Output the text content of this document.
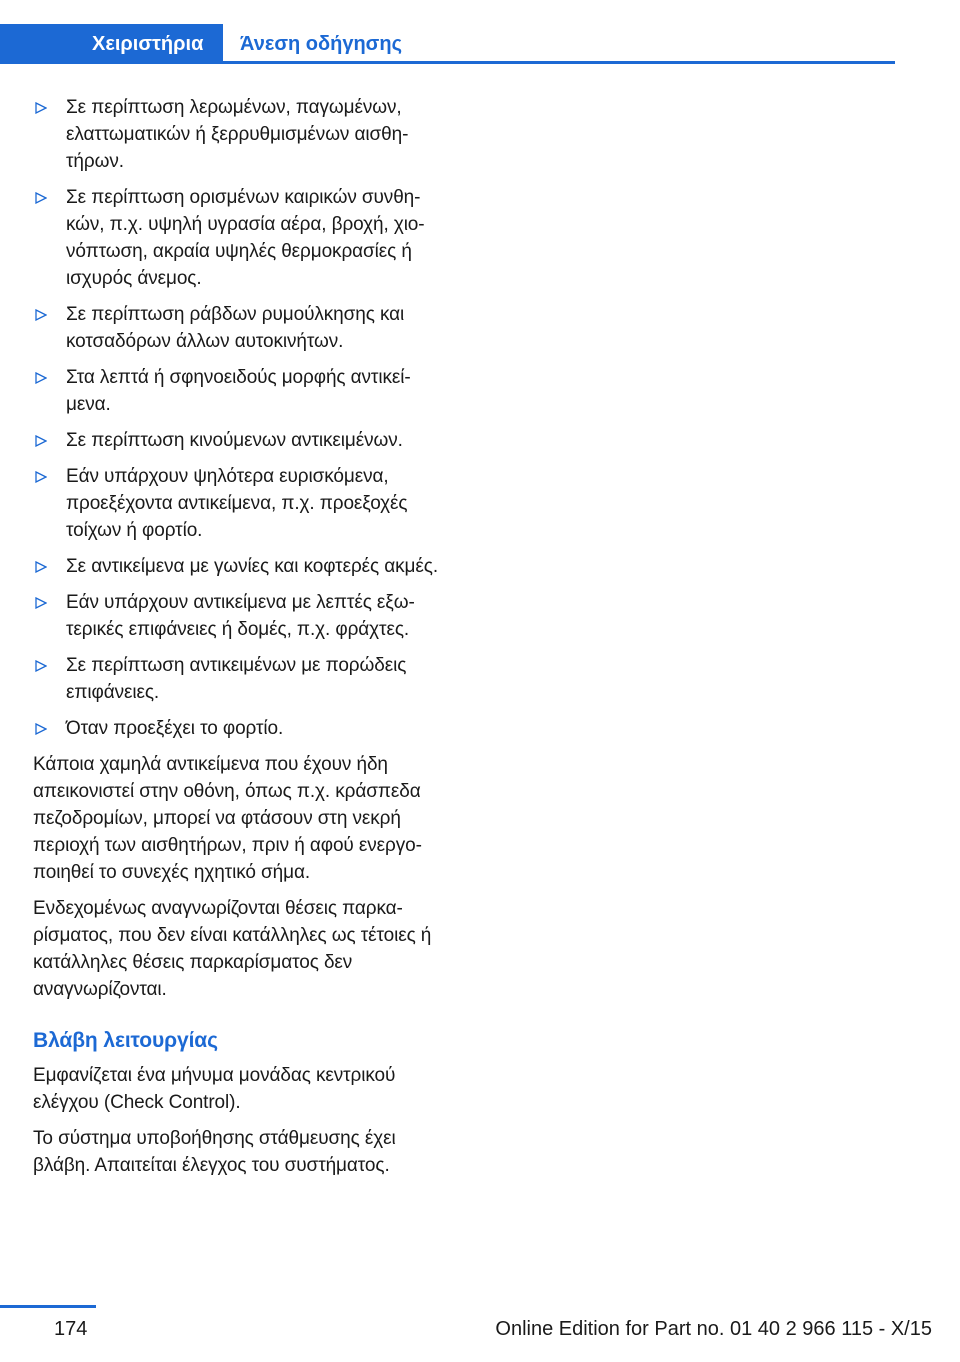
Χειριστήρια	Άνεση οδήγησης
Σε περίπτωση λερωμένων, παγωμένων, ελαττωματικών ή ξερρυθμισμένων αισθητήρων.
Σε περίπτωση ορισμένων καιρικών συνθηκών, π.χ. υψηλή υγρασία αέρα, βροχή, χιονόπτωση, ακραία υψηλές θερμοκρασίες ή ισχυρός άνεμος.
Σε περίπτωση ράβδων ρυμούλκησης και κοτσαδόρων άλλων αυτοκινήτων.
Στα λεπτά ή σφηνοειδούς μορφής αντικείμενα.
Σε περίπτωση κινούμενων αντικειμένων.
Εάν υπάρχουν ψηλότερα ευρισκόμενα, προεξέχοντα αντικείμενα, π.χ. προεξοχές τοίχων ή φορτίο.
Σε αντικείμενα με γωνίες και κοφτερές ακμές.
Εάν υπάρχουν αντικείμενα με λεπτές εξωτερικές επιφάνειες ή δομές, π.χ. φράχτες.
Σε περίπτωση αντικειμένων με πορώδεις επιφάνειες.
Όταν προεξέχει το φορτίο.

Κάποια χαμηλά αντικείμενα που έχουν ήδη απεικονιστεί στην οθόνη, όπως π.χ. κράσπεδα πεζοδρομίων, μπορεί να φτάσουν στη νεκρή περιοχή των αισθητήρων, πριν ή αφού ενεργοποιηθεί το συνεχές ηχητικό σήμα.

Ενδεχομένως αναγνωρίζονται θέσεις παρκαρίσματος, που δεν είναι κατάλληλες ως τέτοιες ή κατάλληλες θέσεις παρκαρίσματος δεν αναγνωρίζονται.

Βλάβη λειτουργίας

Εμφανίζεται ένα μήνυμα μονάδας κεντρικού ελέγχου (Check Control).

Το σύστημα υποβοήθησης στάθμευσης έχει βλάβη. Απαιτείται έλεγχος του συστήματος.

174	Online Edition for Part no. 01 40 2 966 115 - X/15
